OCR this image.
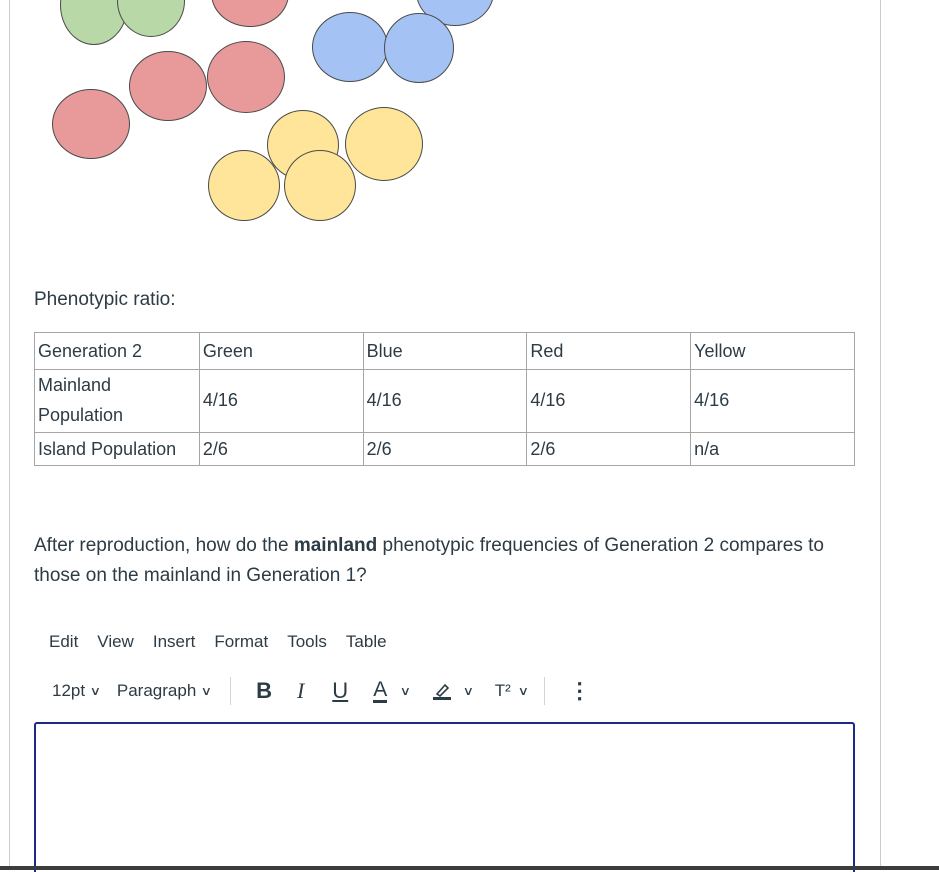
Phenotypic ratio:
Generation 2	Green	Blue	Red	Yellow
Mainland Population	4/16	4/16	4/16	4/16
Island Population	2/6	2/6	2/6	n/a
After reproduction, how do the mainland phenotypic frequencies of Generation 2 compares to those on the mainland in Generation 1?
Edit View Insert Format Tools Table
12pt ∨ Paragraph ∨ B I U A ∨	∨ T² ∨ ⋮
